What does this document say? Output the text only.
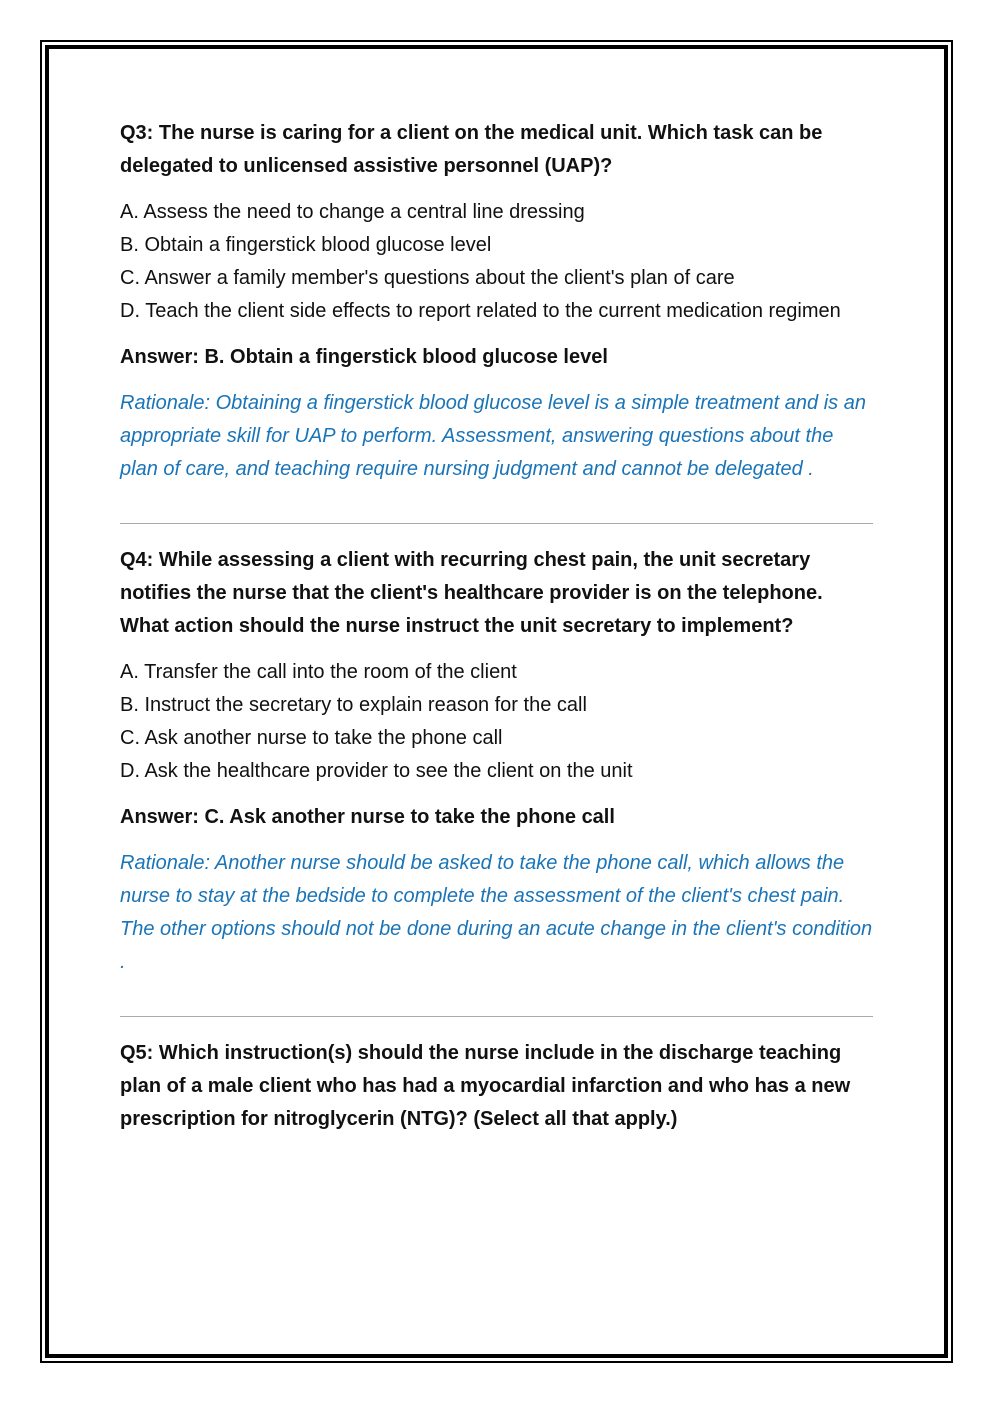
Q3: The nurse is caring for a client on the medical unit. Which task can be delegated to unlicensed assistive personnel (UAP)?

A. Assess the need to change a central line dressing
B. Obtain a fingerstick blood glucose level
C. Answer a family member's questions about the client's plan of care
D. Teach the client side effects to report related to the current medication regimen

Answer: B. Obtain a fingerstick blood glucose level

Rationale: Obtaining a fingerstick blood glucose level is a simple treatment and is an appropriate skill for UAP to perform. Assessment, answering questions about the plan of care, and teaching require nursing judgment and cannot be delegated .

Q4: While assessing a client with recurring chest pain, the unit secretary notifies the nurse that the client's healthcare provider is on the telephone. What action should the nurse instruct the unit secretary to implement?

A. Transfer the call into the room of the client
B. Instruct the secretary to explain reason for the call
C. Ask another nurse to take the phone call
D. Ask the healthcare provider to see the client on the unit

Answer: C. Ask another nurse to take the phone call

Rationale: Another nurse should be asked to take the phone call, which allows the nurse to stay at the bedside to complete the assessment of the client's chest pain. The other options should not be done during an acute change in the client's condition .

Q5: Which instruction(s) should the nurse include in the discharge teaching plan of a male client who has had a myocardial infarction and who has a new prescription for nitroglycerin (NTG)? (Select all that apply.)
